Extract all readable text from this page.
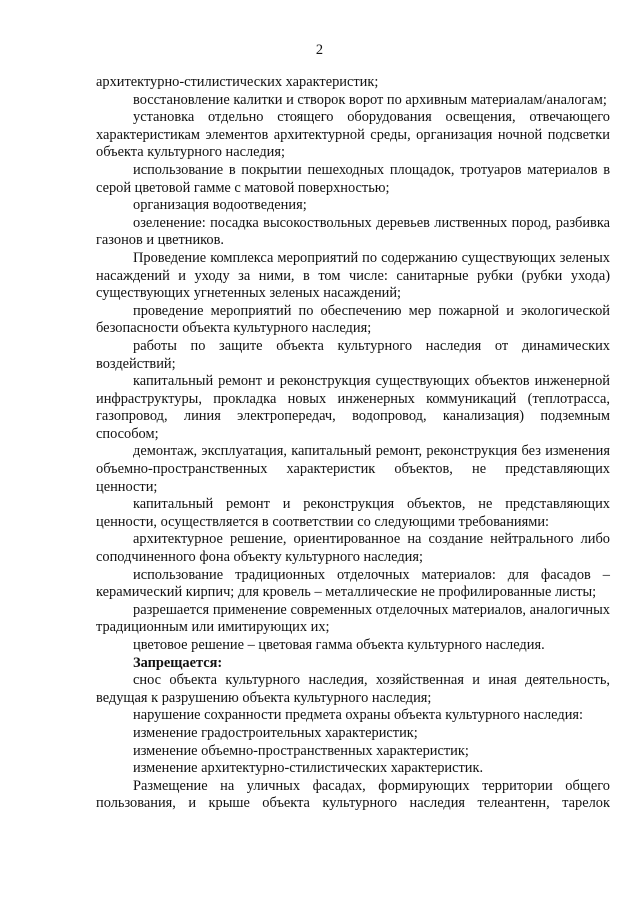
2

архитектурно-стилистических характеристик;

восстановление калитки и створок ворот по архивным материалам/аналогам;

установка отдельно стоящего оборудования освещения, отвечающего характеристикам элементов архитектурной среды, организация ночной подсветки объекта культурного наследия;

использование в покрытии пешеходных площадок, тротуаров материалов в серой цветовой гамме с матовой поверхностью;

организация водоотведения;

озеленение: посадка высокоствольных деревьев лиственных пород, разбивка газонов и цветников.

Проведение комплекса мероприятий по содержанию существующих зеленых насаждений и уходу за ними, в том числе: санитарные рубки (рубки ухода) существующих угнетенных зеленых насаждений;

проведение мероприятий по обеспечению мер пожарной и экологической безопасности объекта культурного наследия;

работы по защите объекта культурного наследия от динамических воздействий;

капитальный ремонт и реконструкция существующих объектов инженерной инфраструктуры, прокладка новых инженерных коммуникаций (теплотрасса, газопровод, линия электропередач, водопровод, канализация) подземным способом;

демонтаж, эксплуатация, капитальный ремонт, реконструкция без изменения объемно-пространственных характеристик объектов, не представляющих ценности;

капитальный ремонт и реконструкция объектов, не представляющих ценности, осуществляется в соответствии со следующими требованиями:

архитектурное решение, ориентированное на создание нейтрального либо соподчиненного фона объекту культурного наследия;

использование традиционных отделочных материалов: для фасадов – керамический кирпич; для кровель – металлические не профилированные листы;

разрешается применение современных отделочных материалов, аналогичных традиционным или имитирующих их;

цветовое решение – цветовая гамма объекта культурного наследия.

Запрещается:

снос объекта культурного наследия, хозяйственная и иная деятельность, ведущая к разрушению объекта культурного наследия;

нарушение сохранности предмета охраны объекта культурного наследия:

изменение градостроительных характеристик;

изменение объемно-пространственных характеристик;

изменение архитектурно-стилистических характеристик.

Размещение на уличных фасадах, формирующих территории общего пользования, и крыше объекта культурного наследия телеантенн, тарелок
